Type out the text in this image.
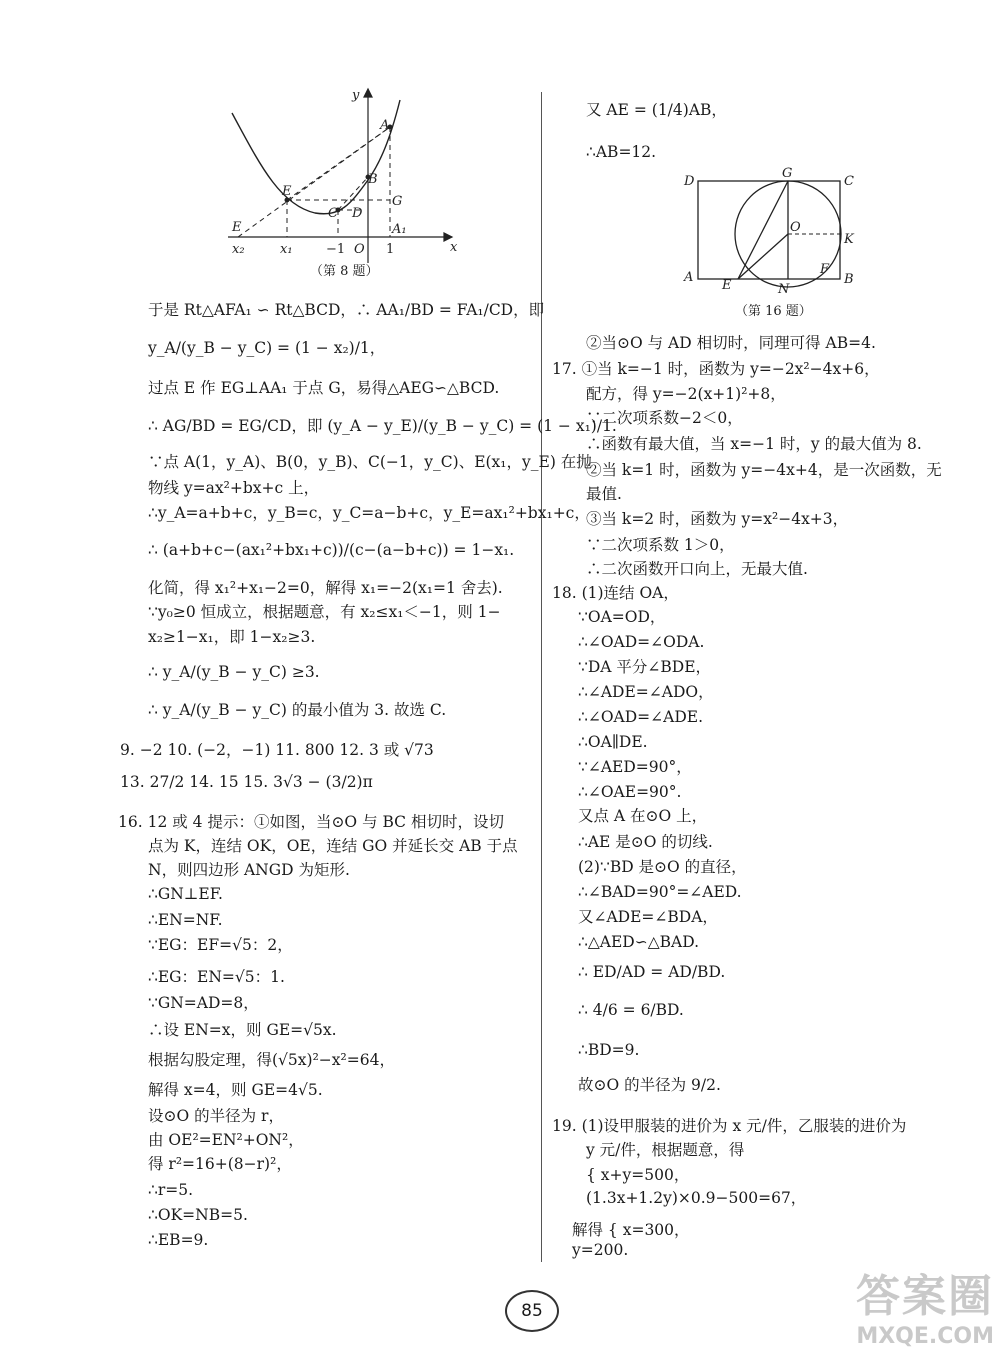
y
x
A
B
G
E
E
C D
A₁
x₂	x₁	−1 O 1
（第 8 题）
D
G
C
O
K
A
E	N
F
B
（第 16 题）
于是 Rt△AFA₁ ∽ Rt△BCD，∴ AA₁/BD = FA₁/CD，即
y_A/(y_B − y_C) = (1 − x₂)/1，
过点 E 作 EG⊥AA₁ 于点 G，易得△AEG∽△BCD.
∴ AG/BD = EG/CD，即 (y_A − y_E)/(y_B − y_C) = (1 − x₁)/1.
∵点 A(1，y_A)、B(0，y_B)、C(−1，y_C)、E(x₁，y_E) 在抛
物线 y=ax²+bx+c 上，
∴y_A=a+b+c，y_B=c，y_C=a−b+c，y_E=ax₁²+bx₁+c，
∴ (a+b+c−(ax₁²+bx₁+c))/(c−(a−b+c)) = 1−x₁.
化简，得 x₁²+x₁−2=0，解得 x₁=−2(x₁=1 舍去).
∵y₀≥0 恒成立，根据题意，有 x₂≤x₁＜−1，则 1−
x₂≥1−x₁，即 1−x₂≥3.
∴ y_A/(y_B − y_C) ≥3.
∴ y_A/(y_B − y_C) 的最小值为 3. 故选 C.
9. −2 10. (−2，−1) 11. 800 12. 3 或 √73
13. 27/2 14. 15 15. 3√3 − (3/2)π
16. 12 或 4 提示：①如图，当⊙O 与 BC 相切时，设切
点为 K，连结 OK，OE，连结 GO 并延长交 AB 于点
N，则四边形 ANGD 为矩形.
∴GN⊥EF.
∴EN=NF.
∵EG：EF=√5：2，
∴EG：EN=√5：1.
∵GN=AD=8，
∴设 EN=x，则 GE=√5x.
根据勾股定理，得(√5x)²−x²=64，
解得 x=4，则 GE=4√5.
设⊙O 的半径为 r，
由 OE²=EN²+ON²，
得 r²=16+(8−r)²，
∴r=5.
∴OK=NB=5.
∴EB=9.
又 AE = (1/4)AB，
∴AB=12.
②当⊙O 与 AD 相切时，同理可得 AB=4.
17. ①当 k=−1 时，函数为 y=−2x²−4x+6，
配方，得 y=−2(x+1)²+8，
∵二次项系数−2＜0，
∴函数有最大值，当 x=−1 时，y 的最大值为 8.
②当 k=1 时，函数为 y=−4x+4，是一次函数，无
最值.
③当 k=2 时，函数为 y=x²−4x+3，
∵二次项系数 1＞0，
∴二次函数开口向上，无最大值.
18. (1)连结 OA，
∵OA=OD，
∴∠OAD=∠ODA.
∵DA 平分∠BDE，
∴∠ADE=∠ADO，
∴∠OAD=∠ADE.
∴OA∥DE.
∵∠AED=90°，
∴∠OAE=90°.
又点 A 在⊙O 上，
∴AE 是⊙O 的切线.
(2)∵BD 是⊙O 的直径，
∴∠BAD=90°=∠AED.
又∠ADE=∠BDA，
∴△AED∽△BAD.
∴ ED/AD = AD/BD.
∴ 4/6 = 6/BD.
∴BD=9.
故⊙O 的半径为 9/2.
19. (1)设甲服装的进价为 x 元/件，乙服装的进价为
y 元/件，根据题意，得
{ x+y=500，
(1.3x+1.2y)×0.9−500=67，
解得 { x=300，
y=200.
85	答案圈
MXQE.COM
